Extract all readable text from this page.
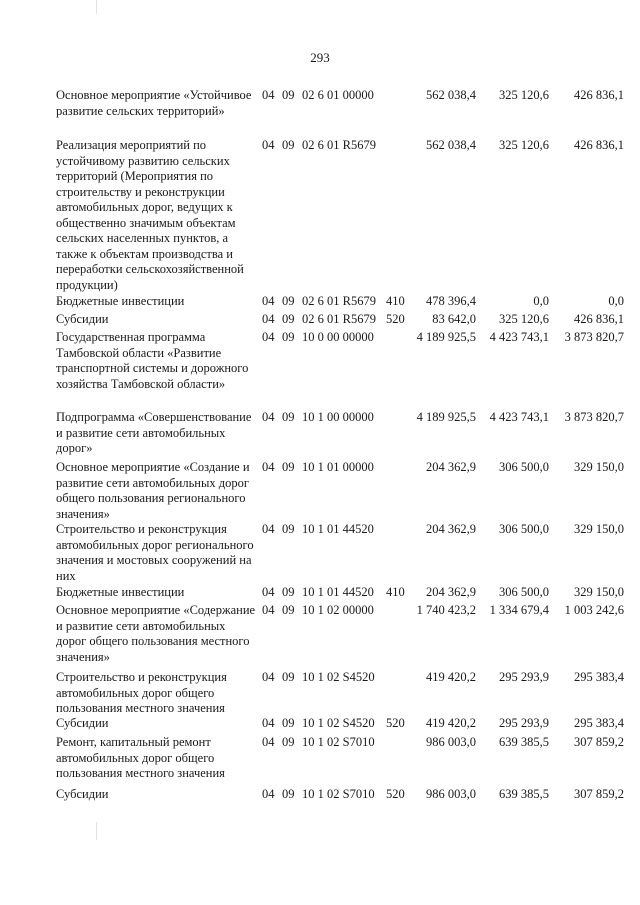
293
Основное мероприятие «Устойчивое развитие сельских территорий»
04 09 02 6 01 00000	562 038,4	325 120,6	426 836,1
Реализация мероприятий по устойчивому развитию сельских территорий (Мероприятия по строительству и реконструкции автомобильных дорог, ведущих к общественно значимым объектам сельских населенных пунктов, а также к объектам производства и переработки сельскохозяйственной продукции)
04 09 02 6 01 R5679	562 038,4	325 120,6	426 836,1
Бюджетные инвестиции	04 09 02 6 01 R5679 410	478 396,4	0,0	0,0
Субсидии	04 09 02 6 01 R5679 520	83 642,0	325 120,6	426 836,1
Государственная программа Тамбовской области «Развитие транспортной системы и дорожного хозяйства Тамбовской области»
04 09 10 0 00 00000	4 189 925,5	4 423 743,1	3 873 820,7
Подпрограмма «Совершенствование и развитие сети автомобильных дорог»
04 09 10 1 00 00000	4 189 925,5	4 423 743,1	3 873 820,7
Основное мероприятие «Создание и развитие сети автомобильных дорог общего пользования регионального значения»
04 09 10 1 01 00000	204 362,9	306 500,0	329 150,0
Строительство и реконструкция автомобильных дорог регионального значения и мостовых сооружений на них
04 09 10 1 01 44520	204 362,9	306 500,0	329 150,0
Бюджетные инвестиции	04 09 10 1 01 44520 410	204 362,9	306 500,0	329 150,0
Основное мероприятие «Содержание и развитие сети автомобильных дорог общего пользования местного значения»
04 09 10 1 02 00000	1 740 423,2	1 334 679,4	1 003 242,6
Строительство и реконструкция автомобильных дорог общего пользования местного значения
04 09 10 1 02 S4520	419 420,2	295 293,9	295 383,4
Субсидии	04 09 10 1 02 S4520 520	419 420,2	295 293,9	295 383,4
Ремонт, капитальный ремонт автомобильных дорог общего пользования местного значения
04 09 10 1 02 S7010	986 003,0	639 385,5	307 859,2
Субсидии	04 09 10 1 02 S7010 520	986 003,0	639 385,5	307 859,2
